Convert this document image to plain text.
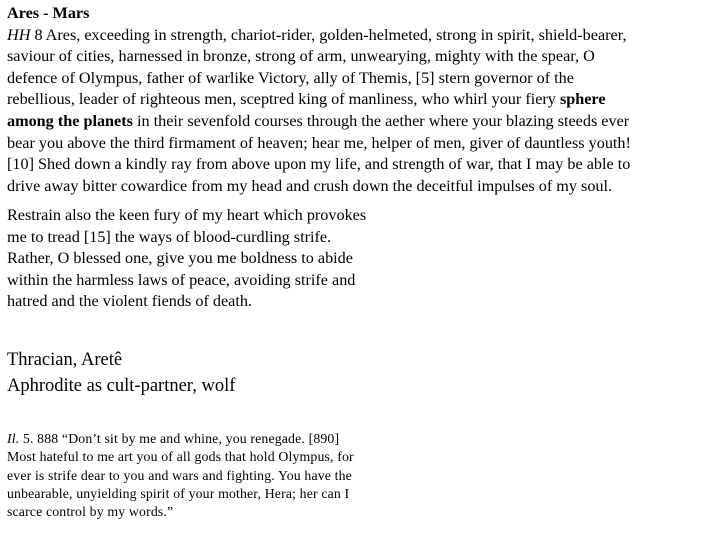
Ares - Mars
HH 8 Ares, exceeding in strength, chariot-rider, golden-helmeted, strong in spirit, shield-bearer,
saviour of cities, harnessed in bronze, strong of arm, unwearying, mighty with the spear, O
defence of Olympus, father of warlike Victory, ally of Themis, [5] stern governor of the
rebellious, leader of righteous men, sceptred king of manliness, who whirl your fiery sphere
among the planets in their sevenfold courses through the aether where your blazing steeds ever
bear you above the third firmament of heaven; hear me, helper of men, giver of dauntless youth!
[10] Shed down a kindly ray from above upon my life, and strength of war, that I may be able to
drive away bitter cowardice from my head and crush down the deceitful impulses of my soul.
Restrain also the keen fury of my heart which provokes
me to tread [15] the ways of blood-curdling strife.
Rather, O blessed one, give you me boldness to abide
within the harmless laws of peace, avoiding strife and
hatred and the violent fiends of death.
Thracian, Aretê
Aphrodite as cult-partner, wolf
Il. 5. 888 “Don’t sit by me and whine, you renegade. [890]
Most hateful to me art you of all gods that hold Olympus, for
ever is strife dear to you and wars and fighting. You have the
unbearable, unyielding spirit of your mother, Hera; her can I
scarce control by my words.”
